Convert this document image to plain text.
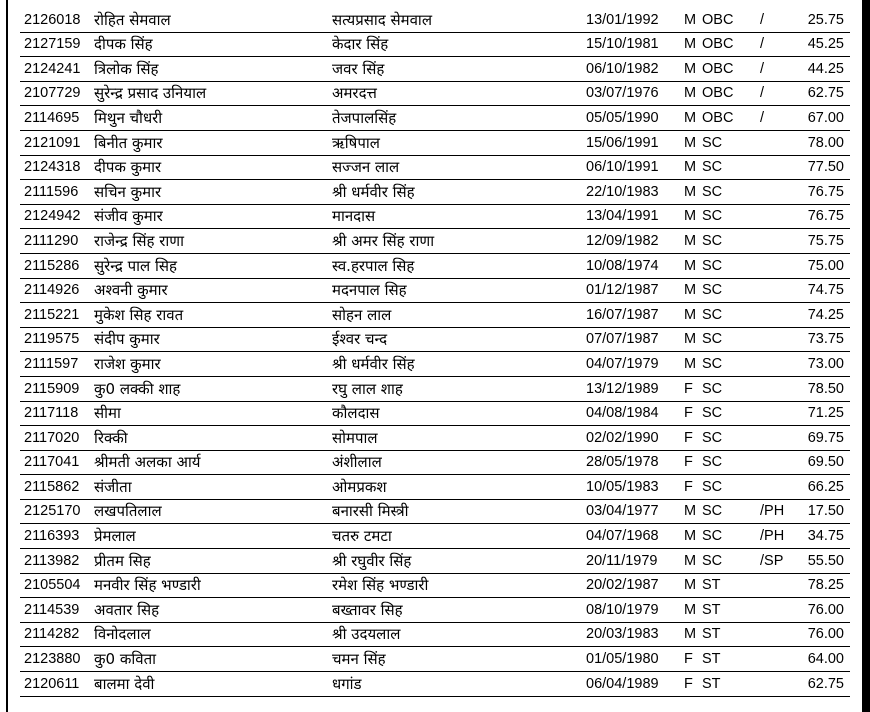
2126018	रोहित सेमवाल	सत्यप्रसाद सेमवाल	13/01/1992	M	OBC	/	25.75
2127159	दीपक सिंह	केदार सिंह	15/10/1981	M	OBC	/	45.25
2124241	त्रिलोक सिंह	जवर सिंह	06/10/1982	M	OBC	/	44.25
2107729	सुरेन्द्र प्रसाद उनियाल	अमरदत्त	03/07/1976	M	OBC	/	62.75
2114695	मिथुन चौधरी	तेजपालसिंह	05/05/1990	M	OBC	/	67.00
2121091	बिनीत कुमार	ऋषिपाल	15/06/1991	M	SC		78.00
2124318	दीपक कुमार	सज्जन लाल	06/10/1991	M	SC		77.50
2111596	सचिन कुमार	श्री धर्मवीर सिंह	22/10/1983	M	SC		76.75
2124942	संजीव कुमार	मानदास	13/04/1991	M	SC		76.75
2111290	राजेन्द्र सिंह राणा	श्री अमर सिंह राणा	12/09/1982	M	SC		75.75
2115286	सुरेन्द्र पाल सिह	स्व.हरपाल सिह	10/08/1974	M	SC		75.00
2114926	अश्वनी कुमार	मदनपाल सिह	01/12/1987	M	SC		74.75
2115221	मुकेश सिह रावत	सोहन लाल	16/07/1987	M	SC		74.25
2119575	संदीप कुमार	ईश्वर चन्द	07/07/1987	M	SC		73.75
2111597	राजेश कुमार	श्री धर्मवीर सिंह	04/07/1979	M	SC		73.00
2115909	कु0 लक्की शाह	रघु लाल शाह	13/12/1989	F	SC		78.50
2117118	सीमा	कौलदास	04/08/1984	F	SC		71.25
2117020	रिक्की	सोमपाल	02/02/1990	F	SC		69.75
2117041	श्रीमती अलका आर्य	अंशीलाल	28/05/1978	F	SC		69.50
2115862	संजीता	ओमप्रकश	10/05/1983	F	SC		66.25
2125170	लखपतिलाल	बनारसी मिस्त्री	03/04/1977	M	SC	/PH	17.50
2116393	प्रेमलाल	चतरु टमटा	04/07/1968	M	SC	/PH	34.75
2113982	प्रीतम सिह	श्री रघुवीर सिंह	20/11/1979	M	SC	/SP	55.50
2105504	मनवीर सिंह भण्डारी	रमेश सिंह भण्डारी	20/02/1987	M	ST		78.25
2114539	अवतार सिह	बख्तावर सिह	08/10/1979	M	ST		76.00
2114282	विनोदलाल	श्री उदयलाल	20/03/1983	M	ST		76.00
2123880	कु0 कविता	चमन सिंह	01/05/1980	F	ST		64.00
2120611	बालमा देवी	धगांड	06/04/1989	F	ST		62.75
